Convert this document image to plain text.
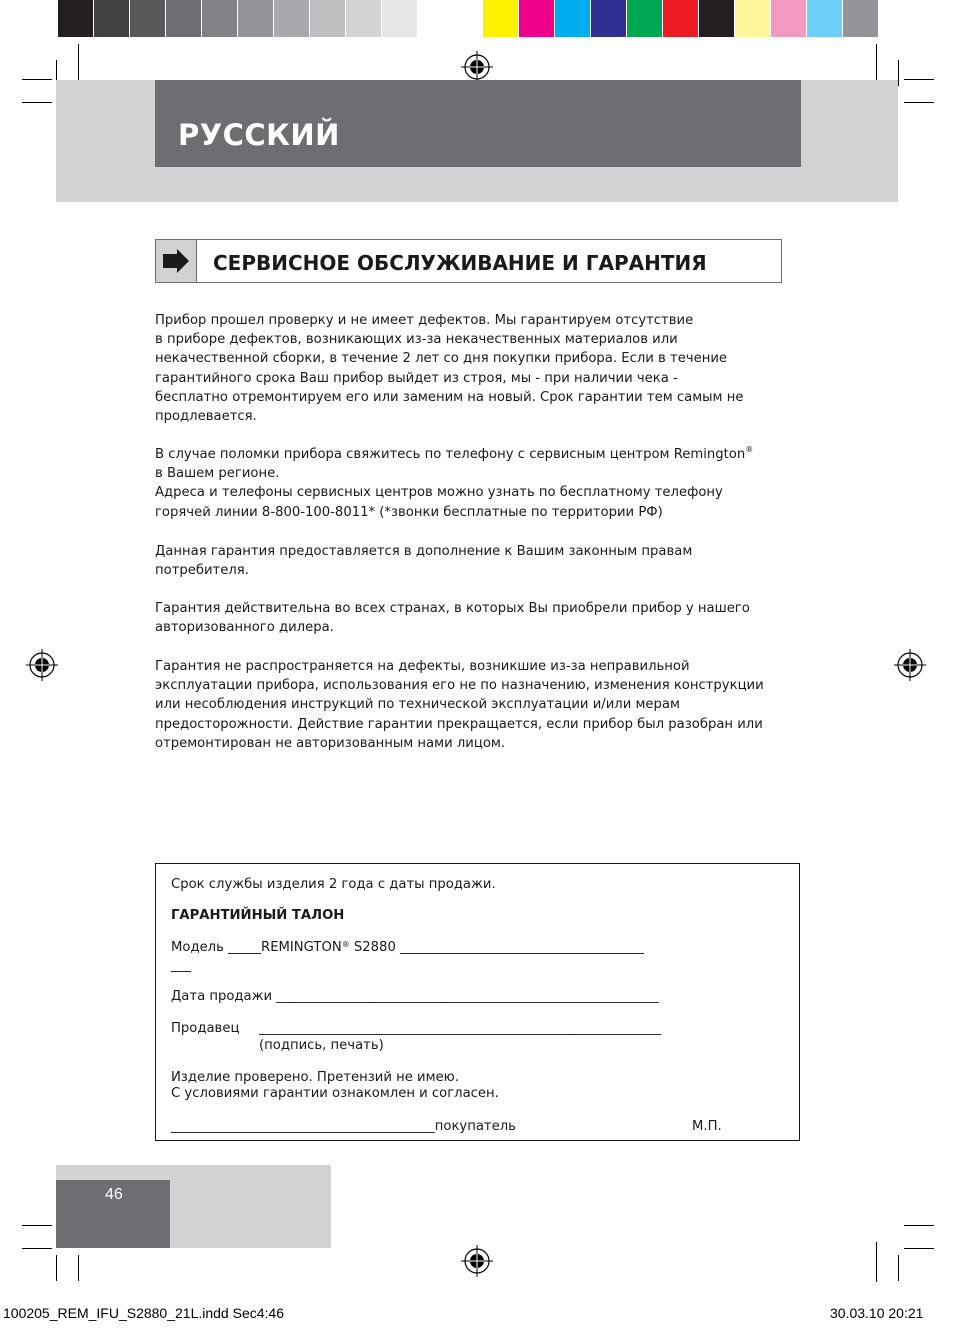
РУССКИЙ
СЕРВИСНОЕ ОБСЛУЖИВАНИЕ И ГАРАНТИЯ
Прибор прошел проверку и не имеет дефектов. Мы гарантируем отсутствие
в приборе дефектов, возникающих из-за некачественных материалов или
некачественной сборки, в течение 2 лет со дня покупки прибора. Если в течение
гарантийного срока Ваш прибор выйдет из строя, мы - при наличии чека -
бесплатно отремонтируем его или заменим на новый. Срок гарантии тем самым не
продлевается.
В случае поломки прибора свяжитесь по телефону с сервисным центром Remington®
в Вашем регионе.
Адреса и телефоны сервисных центров можно узнать по бесплатному телефону
горячей линии 8-800-100-8011* (*звонки бесплатные по территории РФ)
Данная гарантия предоставляется в дополнение к Вашим законным правам
потребителя.
Гарантия действительна во всех странах, в которых Вы приобрели прибор у нашего
авторизованного дилера.
Гарантия не распространяется на дефекты, возникшие из-за неправильной
эксплуатации прибора, использования его не по назначению, изменения конструкции
или несоблюдения инструкций по технической эксплуатации и/или мерам
предосторожности. Действие гарантии прекращается, если прибор был разобран или
отремонтирован не авторизованным нами лицом.
Срок службы изделия 2 года с даты продажи.
ГАРАНТИЙНЫЙ ТАЛОН
Модель _____REMINGTON® S2880 _____________________________________
___
Дата продажи __________________________________________________________
Продавец _____________________________________________________________
(подпись, печать)
Изделие проверено. Претензий не имею.
С условиями гарантии ознакомлен и согласен.
________________________________________покупатель	М.П.
46
100205_REM_IFU_S2880_21L.indd Sec4:46	30.03.10 20:21
